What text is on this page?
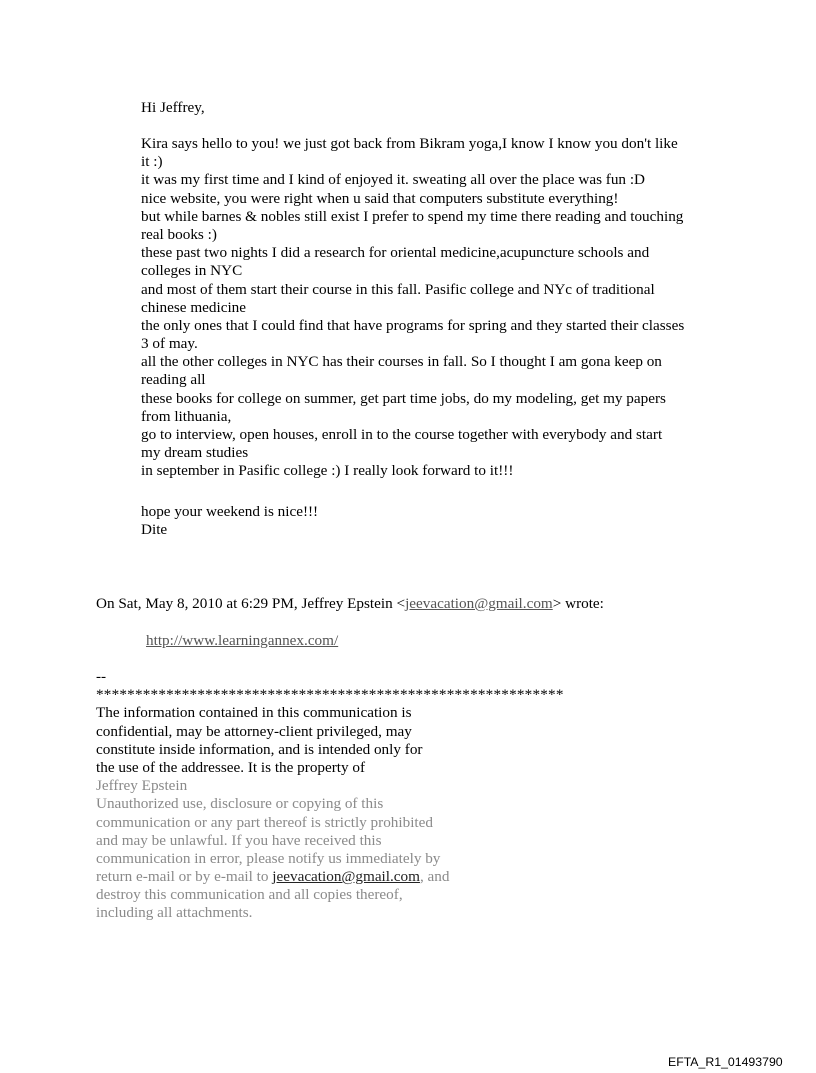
Hi Jeffrey,
Kira says hello to you! we just got back from Bikram yoga,I know I know you don't like
it :)
it was my first time and I kind of enjoyed it. sweating all over the place was fun :D
nice website, you were right when u said that computers substitute everything!
but while barnes & nobles still exist I prefer to spend my time there reading and touching
real books :)
these past two nights I did a research for oriental medicine,acupuncture schools and
colleges in NYC
and most of them start their course in this fall. Pasific college and NYc of traditional
chinese medicine
the only ones that I could find that have programs for spring and they started their classes
3 of may.
all the other colleges in NYC has their courses in fall. So I thought I am gona keep on
reading all
these books for college on summer, get part time jobs, do my modeling, get my papers
from lithuania,
go to interview, open houses, enroll in to the course together with everybody and start
my dream studies
in september in Pasific college :) I really look forward to it!!!
hope your weekend is nice!!!
Dite
On Sat, May 8, 2010 at 6:29 PM, Jeffrey Epstein <jeevacation@gmail.com> wrote:
http://www.learningannex.com/
--
************************************************************
The information contained in this communication is
confidential, may be attorney-client privileged, may
constitute inside information, and is intended only for
the use of the addressee. It is the property of
Jeffrey Epstein
Unauthorized use, disclosure or copying of this
communication or any part thereof is strictly prohibited
and may be unlawful. If you have received this
communication in error, please notify us immediately by
return e-mail or by e-mail to jeevacation@gmail.com, and
destroy this communication and all copies thereof,
including all attachments.
EFTA_R1_01493790
